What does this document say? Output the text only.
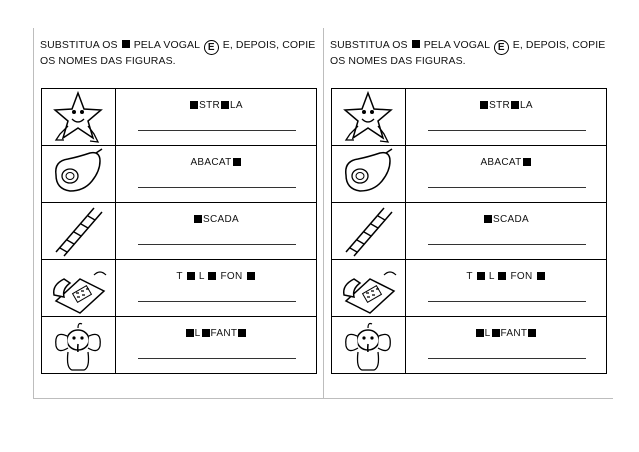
SUBSTITUA OS PELA VOGAL E E, DEPOIS, COPIE
OS NOMES DAS FIGURAS.

STR LA

ABACAT

SCADA

T L FON

L FANT
SUBSTITUA OS PELA VOGAL E E, DEPOIS, COPIE
OS NOMES DAS FIGURAS.

STR LA

ABACAT

SCADA

T L FON

L FANT
